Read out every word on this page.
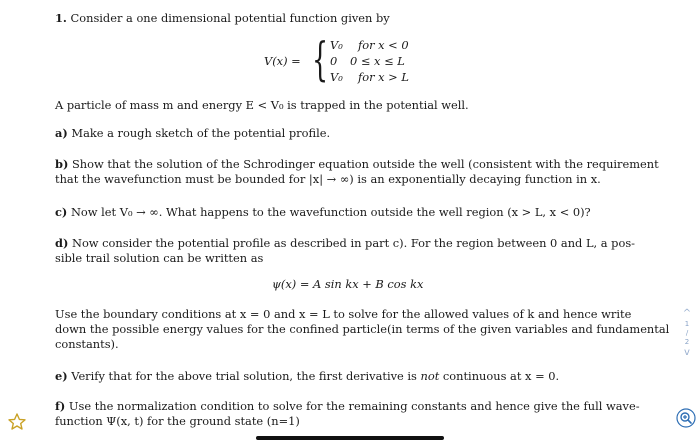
1. Consider a one dimensional potential function given by
V(x) = { V₀ for x < 0
0 0 ≤ x ≤ L
V₀ for x > L
A particle of mass m and energy E < V₀ is trapped in the potential well.
a) Make a rough sketch of the potential profile.
b) Show that the solution of the Schrodinger equation outside the well (consistent with the requirement
that the wavefunction must be bounded for |x| → ∞) is an exponentially decaying function in x.
c) Now let V₀ → ∞. What happens to the wavefunction outside the well region (x > L, x < 0)?
d) Now consider the potential profile as described in part c). For the region between 0 and L, a pos-
sible trail solution can be written as
ψ(x) = A sin kx + B cos kx
Use the boundary conditions at x = 0 and x = L to solve for the allowed values of k and hence write
down the possible energy values for the confined particle(in terms of the given variables and fundamental
constants).
e) Verify that for the above trial solution, the first derivative is not continuous at x = 0.
f) Use the normalization condition to solve for the remaining constants and hence give the full wave-
function Ψ(x, t) for the ground state (n=1)
^
1
/
2
v
